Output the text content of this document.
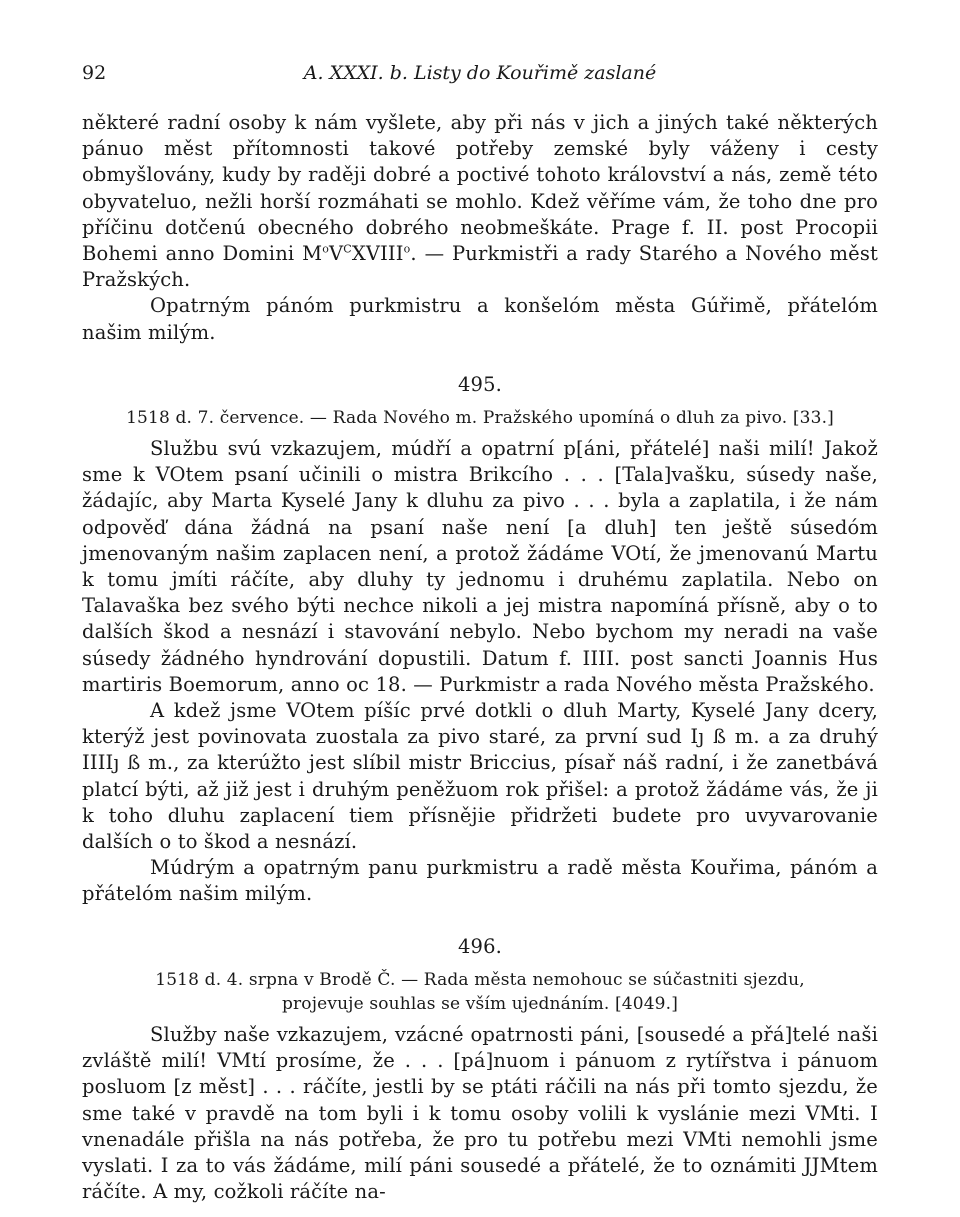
92	A. XXXI. b. Listy do Kouřimě zaslané

některé radní osoby k nám vyšlete, aby při nás v jich a jiných také některých pánuo měst přítomnosti takové potřeby zemské byly váženy i cesty obmyšlovány, kudy by raději dobré a poctivé tohoto království a nás, země této obyvateluo, nežli horší rozmáhati se mohlo. Kdež věříme vám, že toho dne pro příčinu dotčenú obecného dobrého neobmeškáte. Prage f. II. post Procopii Bohemi anno Domini $M^oV^CXVIII^o$. — Purkmistři a rady Starého a Nového měst Pražských.

Opatrným pánóm purkmistru a konšelóm města Gúřimě, přátelóm našim milým.

495.
1518 d. 7. července. — Rada Nového m. Pražského upomíná o dluh za pivo. [33.]

Službu svú vzkazujem, múdří a opatrní p[áni, přátelé] naši milí! Jakož sme k VOtem psaní učinili o mistra Brikcího . . . [Tala]vašku, súsedy naše, žádajíc, aby Marta Kyselé Jany k dluhu za pivo . . . byla a zaplatila, i že nám odpověď dána žádná na psaní naše není [a dluh] ten ještě súsedóm jmenovaným našim zaplacen není, a protož žádáme VOtí, že jmenovanú Martu k tomu jmíti ráčíte, aby dluhy ty jednomu i druhému zaplatila. Nebo on Talavaška bez svého býti nechce nikoli a jej mistra napomíná přísně, aby o to dalších škod a nesnází i stavování nebylo. Nebo bychom my neradi na vaše súsedy žádného hyndrování dopustili. Datum f. IIII. post sancti Joannis Hus martiris Boemorum, anno oc 18. — Purkmistr a rada Nového města Pražského.

A kdež jsme VOtem píšíc prvé dotkli o dluh Marty, Kyselé Jany dcery, kterýž jest povinovata zuostala za pivo staré, za první sud Iȷ ß m. a za druhý IIIIȷ ß m., za kterúžto jest slíbil mistr Briccius, písař náš radní, i že zanetbává platcí býti, až již jest i druhým peněžuom rok přišel: a protož žádáme vás, že ji k toho dluhu zaplacení tiem přísněјie přidržeti budete pro uvyvarovanie dalších o to škod a nesnází.

Múdrým a opatrným panu purkmistru a radě města Kouřima, pánóm a přátelóm našim milým.

496.
1518 d. 4. srpna v Brodě Č. — Rada města nemohouc se súčastniti sjezdu, projevuje souhlas se vším ujednáním. [4049.]

Služby naše vzkazujem, vzácné opatrnosti páni, [sousedé a přá]telé naši zvláště milí! VMtí prosíme, že . . . [pá]nuom i pánuom z rytířstva i pánuom posluom [z měst] . . . ráčíte, jestli by se ptáti ráčili na nás při tomto sjezdu, že sme také v pravdě na tom byli i k tomu osoby volili k vyslánie mezi VMti. I vnenadále přišla na nás potřeba, že pro tu potřebu mezi VMti nemohli jsme vyslati. I za to vás žádáme, milí páni sousedé a přátelé, že to oznámiti JJMtem ráčíte. A my, cožkoli ráčíte na-
